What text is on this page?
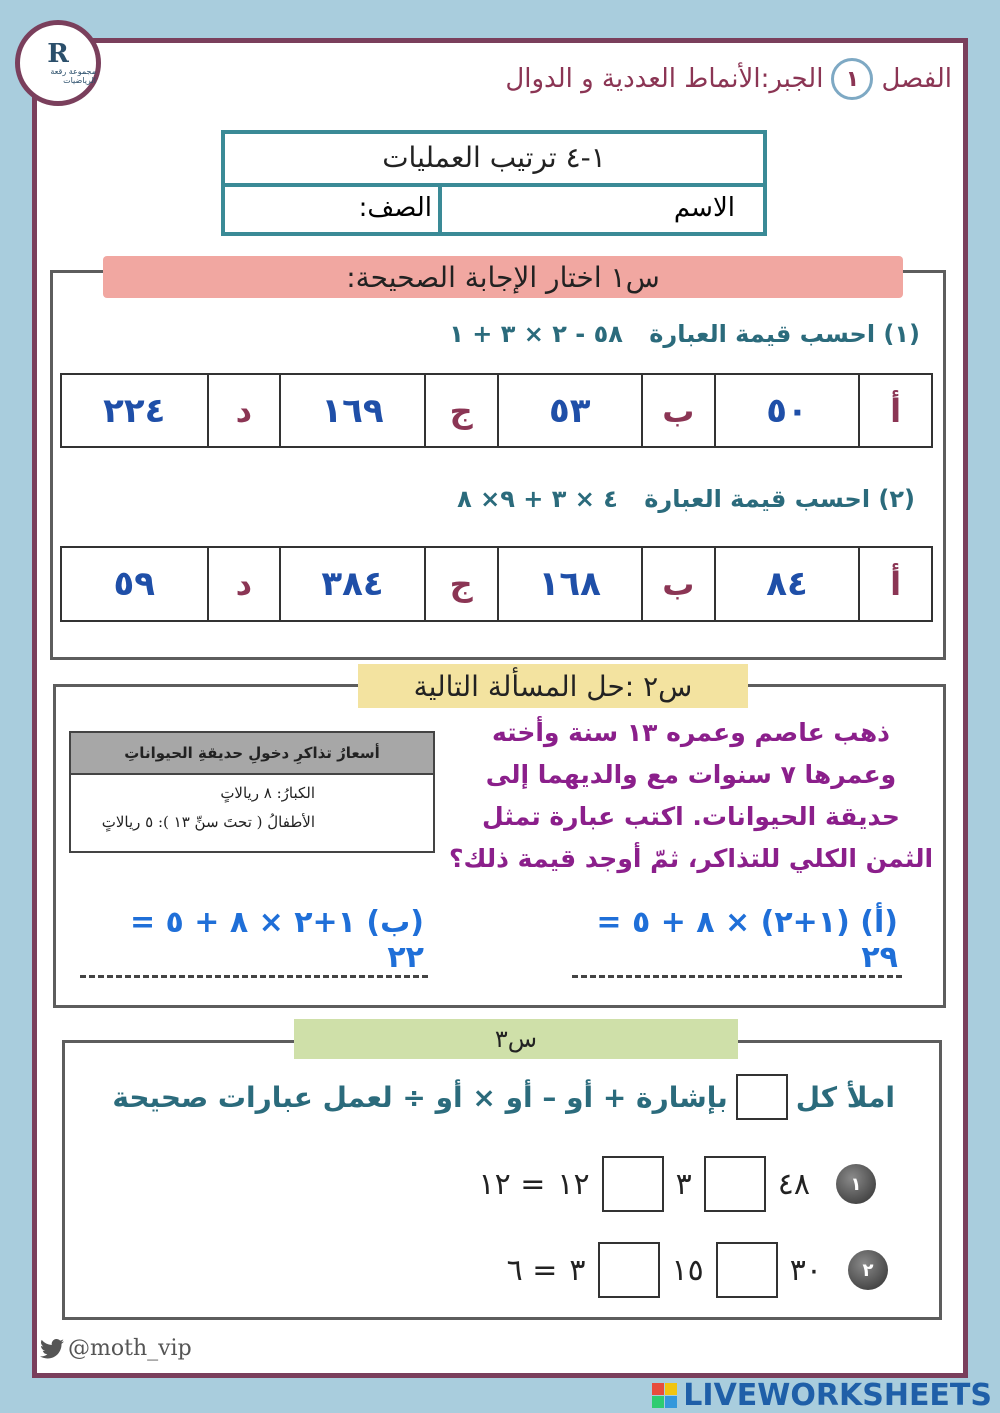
R
مجموعة رقعة الرياضيات	الفصل
١
الجبر:الأنماط العددية و الدوال
١-٤ ترتيب العمليات
الاسم
الصف:
س١ اختار الإجابة الصحيحة:
(١) احسب قيمة العبارة ٥٨ - ٢ × ٣ + ١
أ
٥٠
ب
٥٣
ج
١٦٩
د
٢٢٤
(٢) احسب قيمة العبارة ٤ × ٣ + ٩× ٨
أ
٨٤
ب
١٦٨
ج
٣٨٤
د
٥٩
س٢ :حل المسألة التالية
ذهب عاصم وعمره ١٣ سنة وأخته وعمرها ٧ سنوات مع والديهما إلى حديقة الحيوانات. اكتب عبارة تمثل الثمن الكلي للتذاكر، ثمّ أوجد قيمة ذلك؟
أسعارُ تذاكرِ دخولِ حديقةِ الحيواناتِ
الكبارُ: ٨ ريالاتٍ
الأطفالُ ( تحتَ سنِّ ١٣ ): ٥ ريالاتٍ
(أ) (١+٢) × ٨ + ٥ = ٢٩
(ب) ١+٢ × ٨ + ٥ = ٢٢
س٣
املأ كل
بإشارة + أو – أو × أو ÷ لعمل عبارات صحيحة
١
٤٨
٣
١٢
= ١٢
٢
٣٠
١٥
٣
= ٦
@moth_vip
LIVEWORKSHEETS
